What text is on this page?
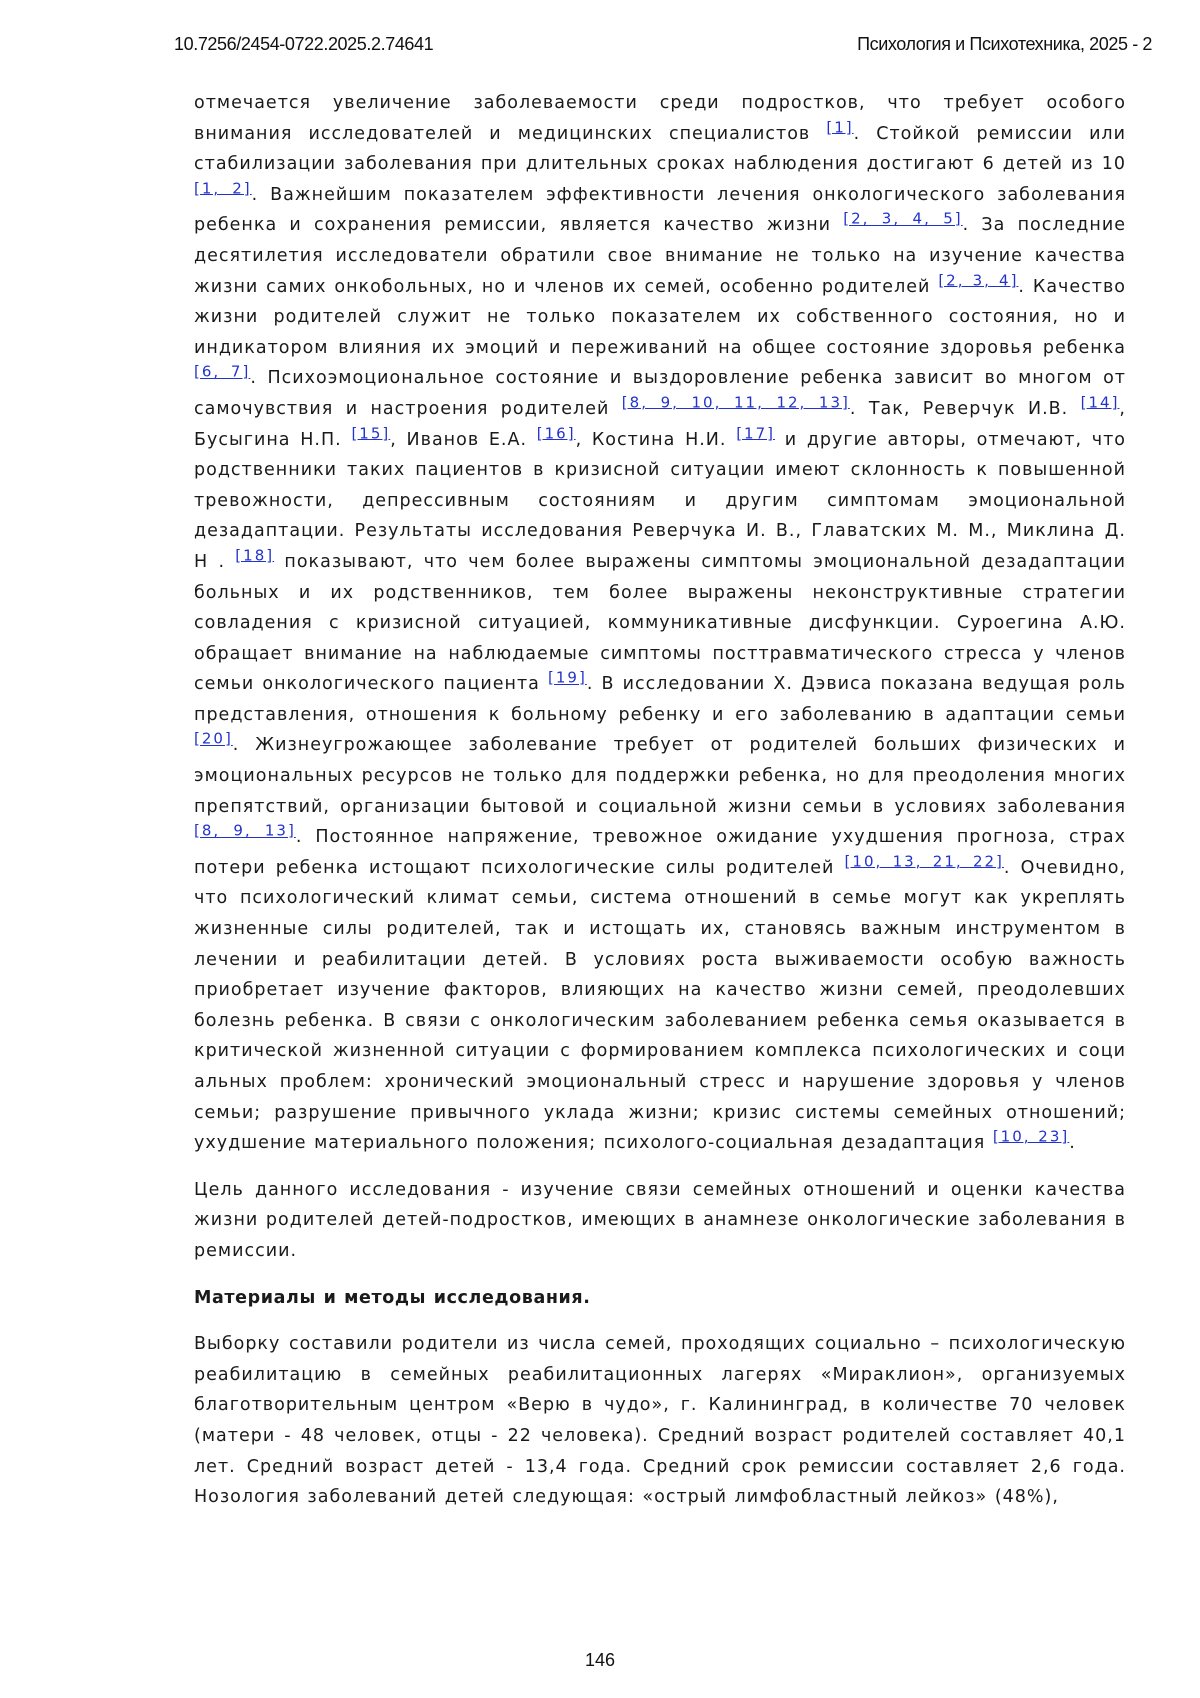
10.7256/2454-0722.2025.2.74641	Психология и Психотехника, 2025 - 2

отмечается увеличение заболеваемости среди подростков, что требует особого внимания исследователей и медицинских специалистов [1]. Стойкой ремиссии или стабилизации заболевания при длительных сроках наблюдения достигают 6 детей из 10 [1, 2]. Важнейшим показателем эффективности лечения онкологического заболевания ребенка и сохранения ремиссии, является качество жизни [2, 3, 4, 5]. За последние десятилетия исследователи обратили свое внимание не только на изучение качества жизни самих онкобольных, но и членов их семей, особенно родителей [2, 3, 4]. Качество жизни родителей служит не только показателем их собственного состояния, но и индикатором влияния их эмоций и переживаний на общее состояние здоровья ребенка [6, 7]. Психоэмоциональное состояние и выздоровление ребенка зависит во многом от самочувствия и настроения родителей [8, 9, 10, 11, 12, 13]. Так, Реверчук И.В. [14], Бусыгина Н.П. [15], Иванов Е.А. [16], Костина Н.И. [17] и другие авторы, отмечают, что родственники таких пациентов в кризисной ситуации имеют склонность к повышенной тревожности, депрессивным состояниям и другим симптомам эмоциональной дезадаптации. Результаты исследования Реверчука И. В., Главатских М. М., Миклина Д. Н . [18] показывают, что чем более выражены симптомы эмоциональной дезадаптации больных и их родственников, тем более выражены неконструктивные стратегии совладения с кризисной ситуацией, коммуникативные дисфункции. Суроегина А.Ю. обращает внимание на наблюдаемые симптомы посттравматического стресса у членов семьи онкологического пациента [19]. В исследовании Х. Дэвиса показана ведущая роль представления, отношения к больному ребенку и его заболеванию в адаптации семьи [20]. Жизнеугрожающее заболевание требует от родителей больших физических и эмоциональных ресурсов не только для поддержки ребенка, но для преодоления многих препятствий, организации бытовой и социальной жизни семьи в условиях заболевания [8, 9, 13]. Постоянное напряжение, тревожное ожидание ухудшения прогноза, страх потери ребенка истощают психологические силы родителей [10, 13, 21, 22]. Очевидно, что психологический климат семьи, система отношений в семье могут как укреплять жизненные силы родителей, так и истощать их, становясь важным инструментом в лечении и реабилитации детей. В условиях роста выживаемости особую важность приобретает изучение факторов, влияющих на качество жизни семей, преодолевших болезнь ребенка. В связи с онкологическим заболеванием ребенка семья оказывается в критической жизненной ситуации с формированием комплекса психологических и соци альных проблем: хронический эмоциональный стресс и нарушение здоровья у членов семьи; разрушение привычного уклада жизни; кризис системы семейных отношений; ухудшение материального положения; психолого-социальная дезадаптация [10, 23].

Цель данного исследования - изучение связи семейных отношений и оценки качества жизни родителей детей-подростков, имеющих в анамнезе онкологические заболевания в ремиссии.

Материалы и методы исследования.

Выборку составили родители из числа семей, проходящих социально – психологическую реабилитацию в семейных реабилитационных лагерях «Мираклион», организуемых благотворительным центром «Верю в чудо», г. Калининград, в количестве 70 человек (матери - 48 человек, отцы - 22 человека). Средний возраст родителей составляет 40,1 лет. Средний возраст детей - 13,4 года. Средний срок ремиссии составляет 2,6 года. Нозология заболеваний детей следующая: «острый лимфобластный лейкоз» (48%),

146
